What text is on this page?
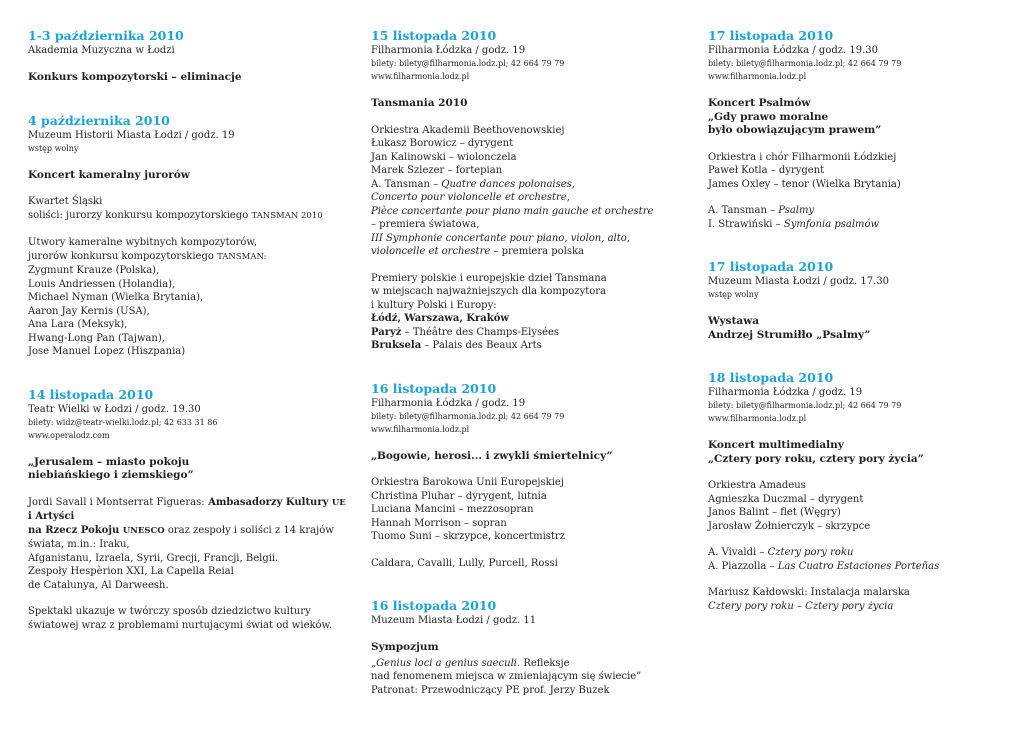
1-3 października 2010
Akademia Muzyczna w Łodzi
Konkurs kompozytorski – eliminacje
4 października 2010
Muzeum Historii Miasta Łodzi / godz. 19
wstęp wolny
Koncert kameralny jurorów
Kwartet Śląski
soliści: jurorzy konkursu kompozytorskiego TANSMAN 2010
Utwory kameralne wybitnych kompozytorów,
jurorów konkursu kompozytorskiego TANSMAN:
Zygmunt Krauze (Polska),
Louis Andriessen (Holandia),
Michael Nyman (Wielka Brytania),
Aaron Jay Kernis (USA),
Ana Lara (Meksyk),
Hwang-Long Pan (Tajwan),
Jose Manuel Lopez (Hiszpania)
14 listopada 2010
Teatr Wielki w Łodzi / godz. 19.30
bilety: widz@teatr-wielki.lodz.pl; 42 633 31 86
www.operalodz.com
„Jerusalem – miasto pokoju
niebiańskiego i ziemskiego”
Jordi Savall i Montserrat Figueras: Ambasadorzy Kultury UE i Artyści
na Rzecz Pokoju UNESCO oraz zespoły i soliści z 14 krajów świata, m.in.: Iraku,
Afganistanu, Izraela, Syrii, Grecji, Francji, Belgii.
Zespoły Hespèrion XXI, La Capella Reial
de Catalunya, Al Darweesh.
Spektakl ukazuje w twórczy sposób dziedzictwo kultury
światowej wraz z problemami nurtującymi świat od wieków.
15 listopada 2010
Filharmonia Łódzka / godz. 19
bilety: bilety@filharmonia.lodz.pl; 42 664 79 79
www.filharmonia.lodz.pl
Tansmania 2010
Orkiestra Akademii Beethovenowskiej
Łukasz Borowicz – dyrygent
Jan Kalinowski – wiolonczela
Marek Szlezer – fortepian
A. Tansman – Quatre dances polonaises,
Concerto pour violoncelle et orchestre,
Pièce concertante pour piano main gauche et orchestre
– premiera światowa,
III Symphonie concertante pour piano, violon, alto,
violoncelle et orchestre – premiera polska
Premiery polskie i europejskie dzieł Tansmana
w miejscach najważniejszych dla kompozytora
i kultury Polski i Europy:
Łódź, Warszawa, Kraków
Paryż – Théâtre des Champs-Elysées
Bruksela – Palais des Beaux Arts
16 listopada 2010
Filharmonia Łódzka / godz. 19
bilety: bilety@filharmonia.lodz.pl; 42 664 79 79
www.filharmonia.lodz.pl
„Bogowie, herosi... i zwykli śmiertelnicy”
Orkiestra Barokowa Unii Europejskiej
Christina Pluhar – dyrygent, lutnia
Luciana Mancini – mezzosopran
Hannah Morrison – sopran
Tuomo Suni – skrzypce, koncertmistrz
Caldara, Cavalli, Lully, Purcell, Rossi
16 listopada 2010
Muzeum Miasta Łodzi / godz. 11
Sympozjum
„Genius loci a genius saeculi. Refleksje
nad fenomenem miejsca w zmieniającym się świecie”
Patronat: Przewodniczący PE prof. Jerzy Buzek
17 listopada 2010
Filharmonia Łódzka / godz. 19.30
bilety: bilety@filharmonia.lodz.pl; 42 664 79 79
www.filharmonia.lodz.pl
Koncert Psalmów
„Gdy prawo moralne
było obowiązującym prawem”
Orkiestra i chór Filharmonii Łódzkiej
Paweł Kotla – dyrygent
James Oxley – tenor (Wielka Brytania)
A. Tansman – Psalmy
I. Strawiński – Symfonia psalmów
17 listopada 2010
Muzeum Miasta Łodzi / godz. 17.30
wstęp wolny
Wystawa
Andrzej Strumiłło „Psalmy”
18 listopada 2010
Filharmonia Łódzka / godz. 19
bilety: bilety@filharmonia.lodz.pl; 42 664 79 79
www.filharmonia.lodz.pl
Koncert multimedialny
„Cztery pory roku, cztery pory życia”
Orkiestra Amadeus
Agnieszka Duczmal – dyrygent
Janos Balint – flet (Węgry)
Jarosław Żołnierczyk – skrzypce
A. Vivaldi – Cztery pory roku
A. Piazzolla – Las Cuatro Estaciones Porteñas
Mariusz Kałdowski: Instalacja malarska
Cztery pory roku – Cztery pory życia
